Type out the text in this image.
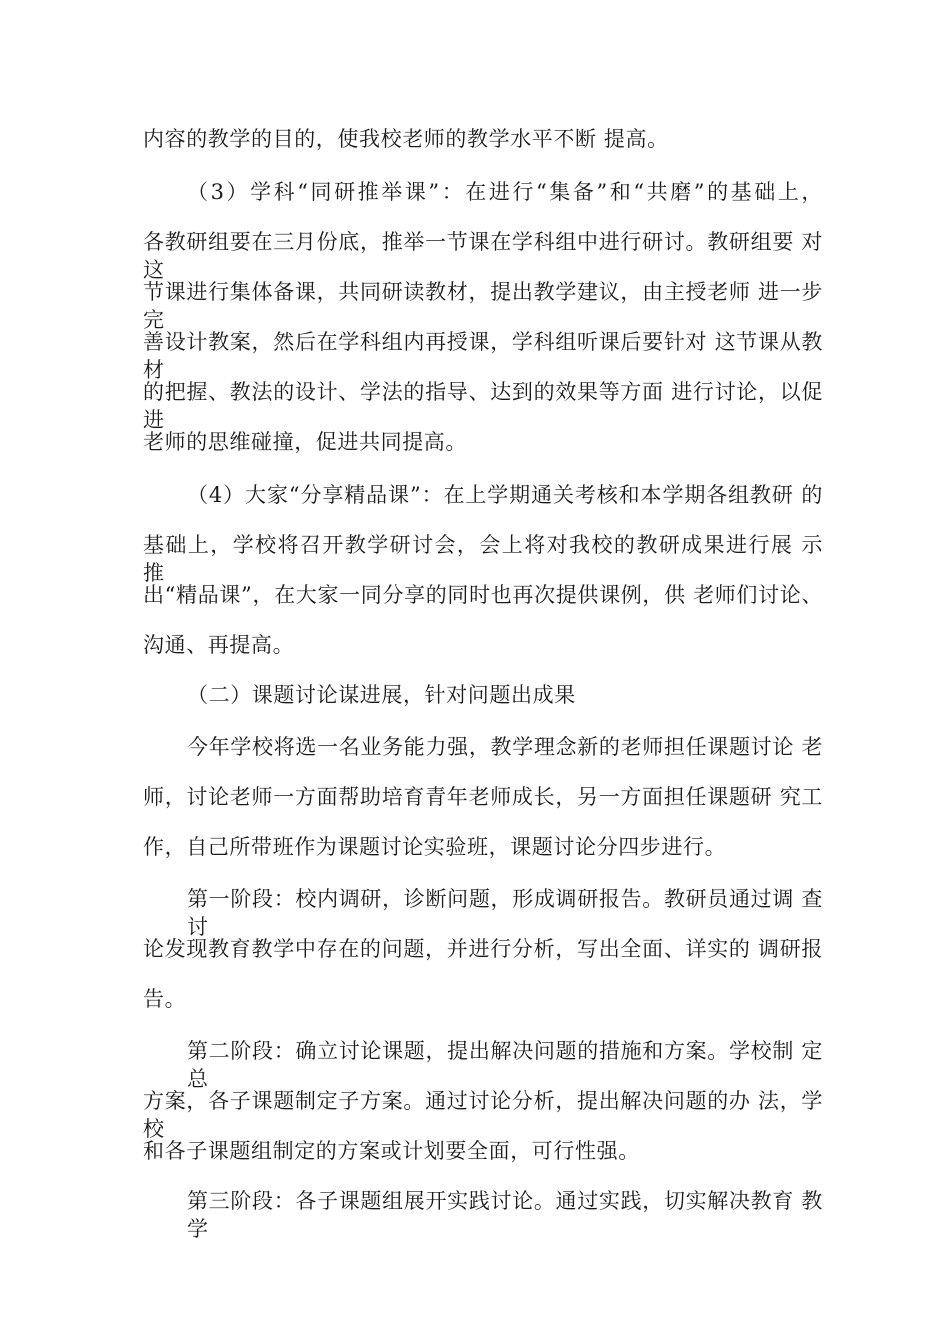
内容的教学的目的，使我校老师的教学水平不断 提高。
（3）学科“同研推举课”：在进行“集备”和“共磨”的基础上，
各教研组要在三月份底，推举一节课在学科组中进行研讨。教研组要 对这
节课进行集体备课，共同研读教材，提出教学建议，由主授老师 进一步完
善设计教案，然后在学科组内再授课，学科组听课后要针对 这节课从教材
的把握、教法的设计、学法的指导、达到的效果等方面 进行讨论，以促进
老师的思维碰撞，促进共同提高。
（4）大家“分享精品课”：在上学期通关考核和本学期各组教研 的
基础上，学校将召开教学研讨会，会上将对我校的教研成果进行展 示 推
出“精品课”，在大家一同分享的同时也再次提供课例，供 老师们讨论、
沟通、再提高。
（二）课题讨论谋进展，针对问题出成果
今年学校将选一名业务能力强，教学理念新的老师担任课题讨论 老
师，讨论老师一方面帮助培育青年老师成长，另一方面担任课题研 究工
作，自己所带班作为课题讨论实验班，课题讨论分四步进行。
第一阶段：校内调研，诊断问题，形成调研报告。教研员通过调 查讨
论发现教育教学中存在的问题，并进行分析，写出全面、详实的 调研报
告。
第二阶段：确立讨论课题，提出解决问题的措施和方案。学校制 定总
方案，各子课题制定子方案。通过讨论分析，提出解决问题的办 法，学校
和各子课题组制定的方案或计划要全面，可行性强。
第三阶段：各子课题组展开实践讨论。通过实践，切实解决教育 教学
